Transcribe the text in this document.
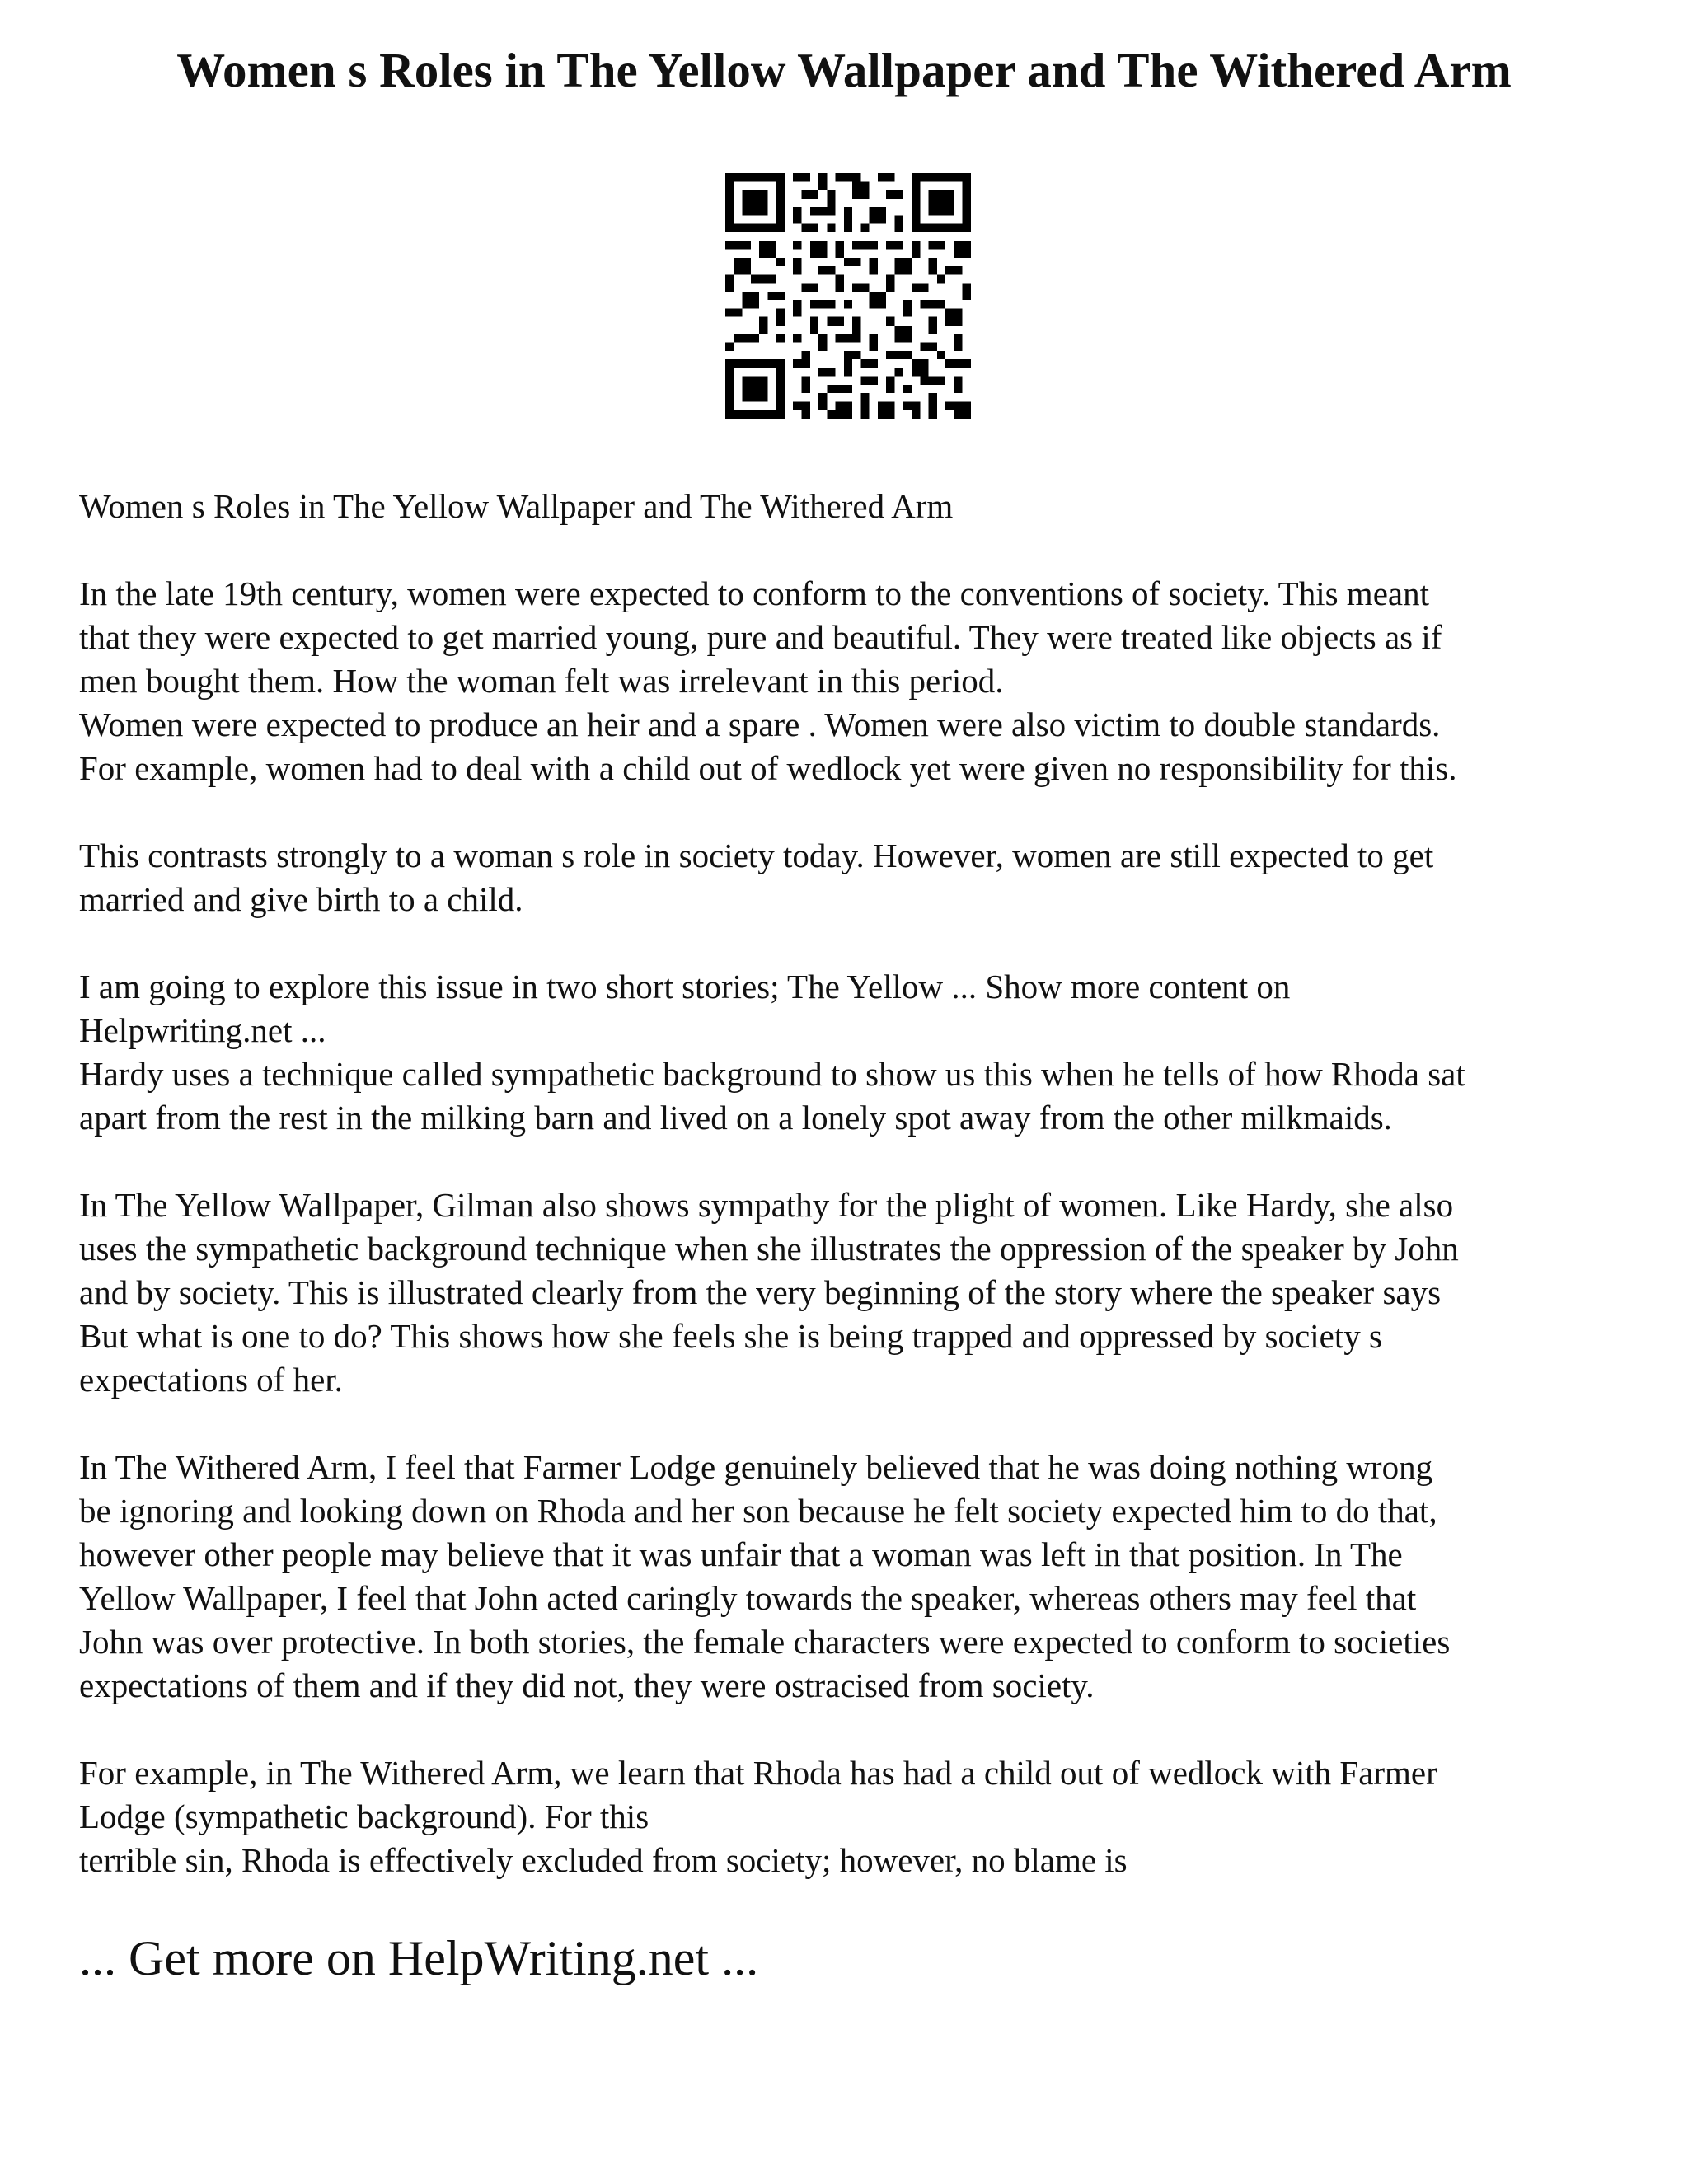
Women s Roles in The Yellow Wallpaper and The Withered Arm

Women s Roles in The Yellow Wallpaper and The Withered Arm

In the late 19th century, women were expected to conform to the conventions of society. This meant
that they were expected to get married young, pure and beautiful. They were treated like objects as if
men bought them. How the woman felt was irrelevant in this period.
Women were expected to produce an heir and a spare . Women were also victim to double standards.
For example, women had to deal with a child out of wedlock yet were given no responsibility for this.

This contrasts strongly to a woman s role in society today. However, women are still expected to get
married and give birth to a child.

I am going to explore this issue in two short stories; The Yellow ... Show more content on
Helpwriting.net ...
Hardy uses a technique called sympathetic background to show us this when he tells of how Rhoda sat
apart from the rest in the milking barn and lived on a lonely spot away from the other milkmaids.

In The Yellow Wallpaper, Gilman also shows sympathy for the plight of women. Like Hardy, she also
uses the sympathetic background technique when she illustrates the oppression of the speaker by John
and by society. This is illustrated clearly from the very beginning of the story where the speaker says
But what is one to do? This shows how she feels she is being trapped and oppressed by society s
expectations of her.

In The Withered Arm, I feel that Farmer Lodge genuinely believed that he was doing nothing wrong
be ignoring and looking down on Rhoda and her son because he felt society expected him to do that,
however other people may believe that it was unfair that a woman was left in that position. In The
Yellow Wallpaper, I feel that John acted caringly towards the speaker, whereas others may feel that
John was over protective. In both stories, the female characters were expected to conform to societies
expectations of them and if they did not, they were ostracised from society.

For example, in The Withered Arm, we learn that Rhoda has had a child out of wedlock with Farmer
Lodge (sympathetic background). For this
terrible sin, Rhoda is effectively excluded from society; however, no blame is

... Get more on HelpWriting.net ...
